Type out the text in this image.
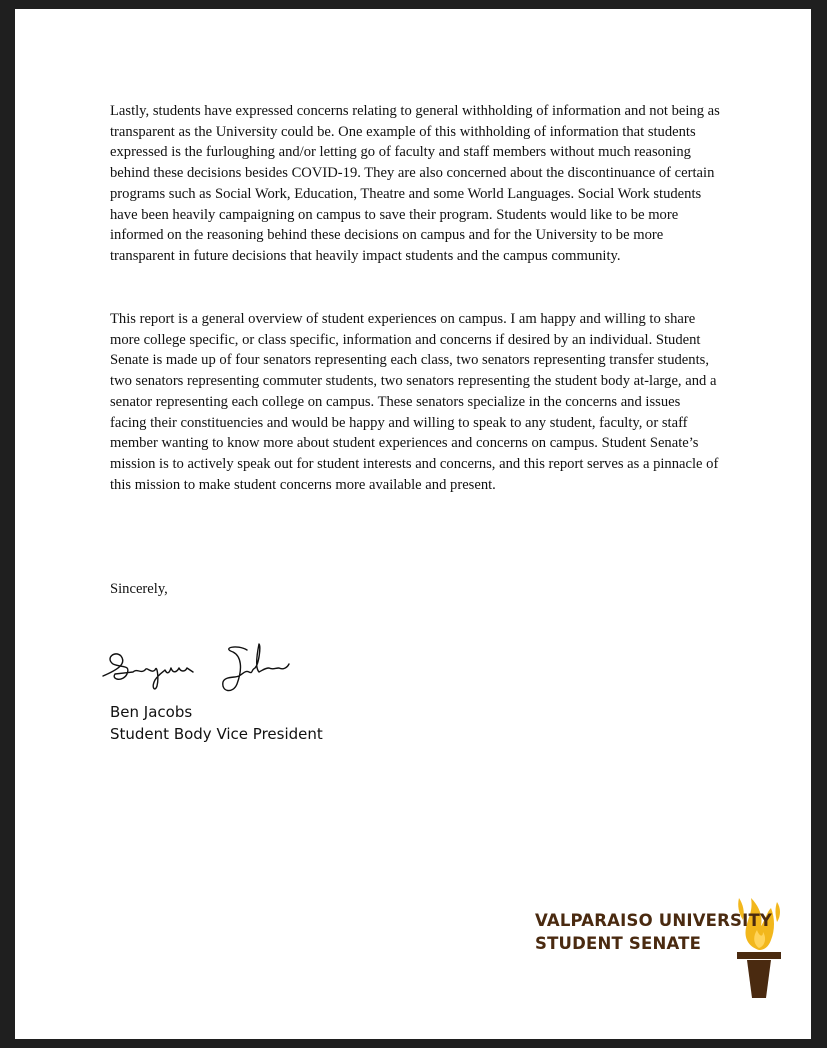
Lastly, students have expressed concerns relating to general withholding of information and not being as transparent as the University could be. One example of this withholding of information that students expressed is the furloughing and/or letting go of faculty and staff members without much reasoning behind these decisions besides COVID-19. They are also concerned about the discontinuance of certain programs such as Social Work, Education, Theatre and some World Languages. Social Work students have been heavily campaigning on campus to save their program. Students would like to be more informed on the reasoning behind these decisions on campus and for the University to be more transparent in future decisions that heavily impact students and the campus community.

This report is a general overview of student experiences on campus. I am happy and willing to share more college specific, or class specific, information and concerns if desired by an individual. Student Senate is made up of four senators representing each class, two senators representing transfer students, two senators representing commuter students, two senators representing the student body at-large, and a senator representing each college on campus. These senators specialize in the concerns and issues facing their constituencies and would be happy and willing to speak to any student, faculty, or staff member wanting to know more about student experiences and concerns on campus. Student Senate’s mission is to actively speak out for student interests and concerns, and this report serves as a pinnacle of this mission to make student concerns more available and present.

Sincerely,

Ben Jacobs

Student Body Vice President

VALPARAISO UNIVERSITY
STUDENT SENATE
